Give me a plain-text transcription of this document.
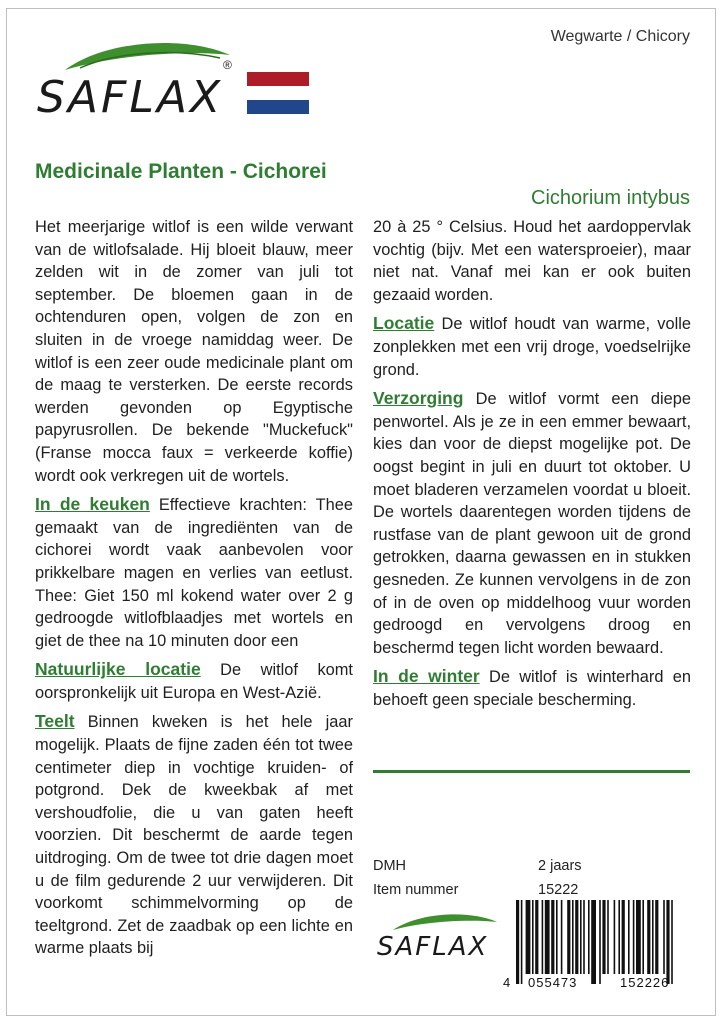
SAFLAX
®
Wegwarte / Chicory
Medicinale Planten - Cichorei
Cichorium intybus

Het meerjarige witlof is een wilde verwant van de witlofsalade. Hij bloeit blauw, meer zelden wit in de zomer van juli tot september. De bloemen gaan in de ochtenduren open, volgen de zon en sluiten in de vroege namiddag weer. De witlof is een zeer oude medicinale plant om de maag te versterken. De eerste records werden gevonden op Egyptische papyrusrollen. De bekende "Muckefuck" (Franse mocca faux = verkeerde koffie) wordt ook verkregen uit de wortels.

In de keuken Effectieve krachten: Thee gemaakt van de ingrediënten van de cichorei wordt vaak aanbevolen voor prikkelbare magen en verlies van eetlust. Thee: Giet 150 ml kokend water over 2 g gedroogde witlofblaadjes met wortels en giet de thee na 10 minuten door een

Natuurlijke locatie De witlof komt oorspronkelijk uit Europa en West-Azië.

Teelt Binnen kweken is het hele jaar mogelijk. Plaats de fijne zaden één tot twee centimeter diep in vochtige kruiden- of potgrond. Dek de kweekbak af met vershoudfolie, die u van gaten heeft voorzien. Dit beschermt de aarde tegen uitdroging. Om de twee tot drie dagen moet u de film gedurende 2 uur verwijderen. Dit voorkomt schimmelvorming op de teeltgrond. Zet de zaadbak op een lichte en warme plaats bij

20 à 25 ° Celsius. Houd het aardoppervlak vochtig (bijv. Met een watersproeier), maar niet nat. Vanaf mei kan er ook buiten gezaaid worden.

Locatie De witlof houdt van warme, volle zonplekken met een vrij droge, voedselrijke grond.

Verzorging De witlof vormt een diepe penwortel. Als je ze in een emmer bewaart, kies dan voor de diepst mogelijke pot. De oogst begint in juli en duurt tot oktober. U moet bladeren verzamelen voordat u bloeit. De wortels daarentegen worden tijdens de rustfase van de plant gewoon uit de grond getrokken, daarna gewassen en in stukken gesneden. Ze kunnen vervolgens in de zon of in de oven op middelhoog vuur worden gedroogd en vervolgens droog en beschermd tegen licht worden bewaard.

In de winter De witlof is winterhard en behoeft geen speciale bescherming.

DMH	2 jaars
Item nummer	15222
SAFLAX
4 055473	152226
